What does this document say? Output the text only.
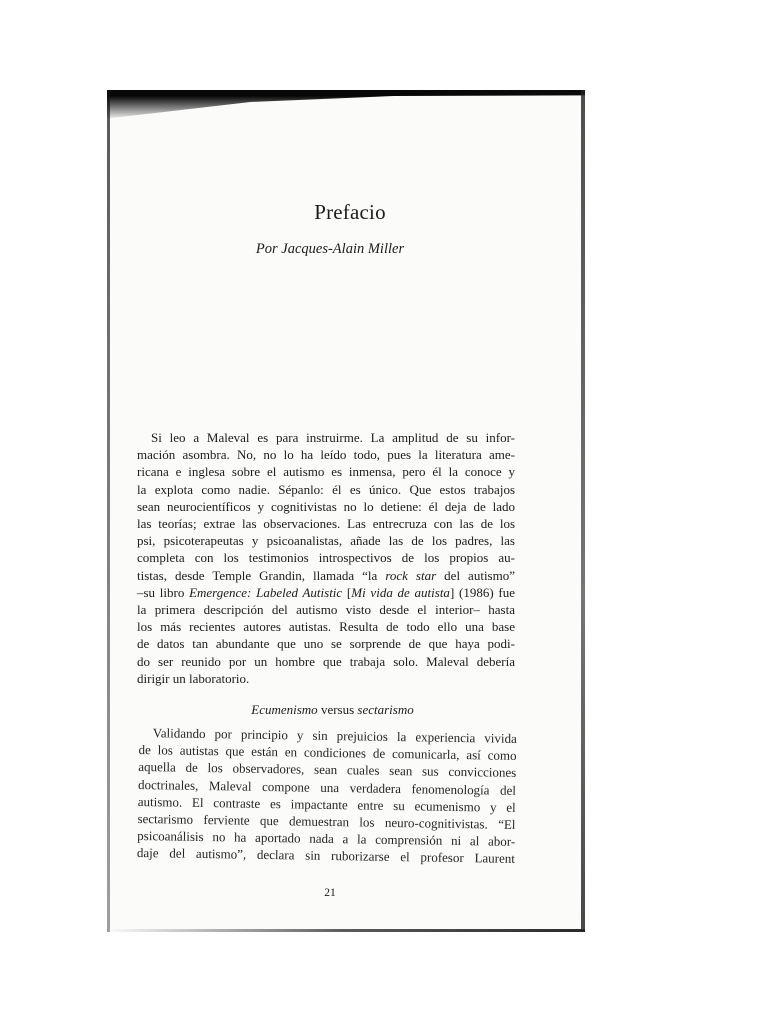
Prefacio

Por Jacques-Alain Miller

Si leo a Maleval es para instruirme. La amplitud de su infor-
mación asombra. No, no lo ha leído todo, pues la literatura ame-
ricana e inglesa sobre el autismo es inmensa, pero él la conoce y
la explota como nadie. Sépanlo: él es único. Que estos trabajos
sean neurocientíficos y cognitivistas no lo detiene: él deja de lado
las teorías; extrae las observaciones. Las entrecruza con las de los
psi, psicoterapeutas y psicoanalistas, añade las de los padres, las
completa con los testimonios introspectivos de los propios au-
tistas, desde Temple Grandin, llamada “la rock star del autismo”
–su libro Emergence: Labeled Autistic [Mi vida de autista] (1986) fue
la primera descripción del autismo visto desde el interior– hasta
los más recientes autores autistas. Resulta de todo ello una base
de datos tan abundante que uno se sorprende de que haya podi-
do ser reunido por un hombre que trabaja solo. Maleval debería
dirigir un laboratorio.

Ecumenismo versus sectarismo

Validando por principio y sin prejuicios la experiencia vivida
de los autistas que están en condiciones de comunicarla, así como
aquella de los observadores, sean cuales sean sus convicciones
doctrinales, Maleval compone una verdadera fenomenología del
autismo. El contraste es impactante entre su ecumenismo y el
sectarismo ferviente que demuestran los neuro-cognitivistas. “El
psicoanálisis no ha aportado nada a la comprensión ni al abor-
daje del autismo”, declara sin ruborizarse el profesor Laurent

21
